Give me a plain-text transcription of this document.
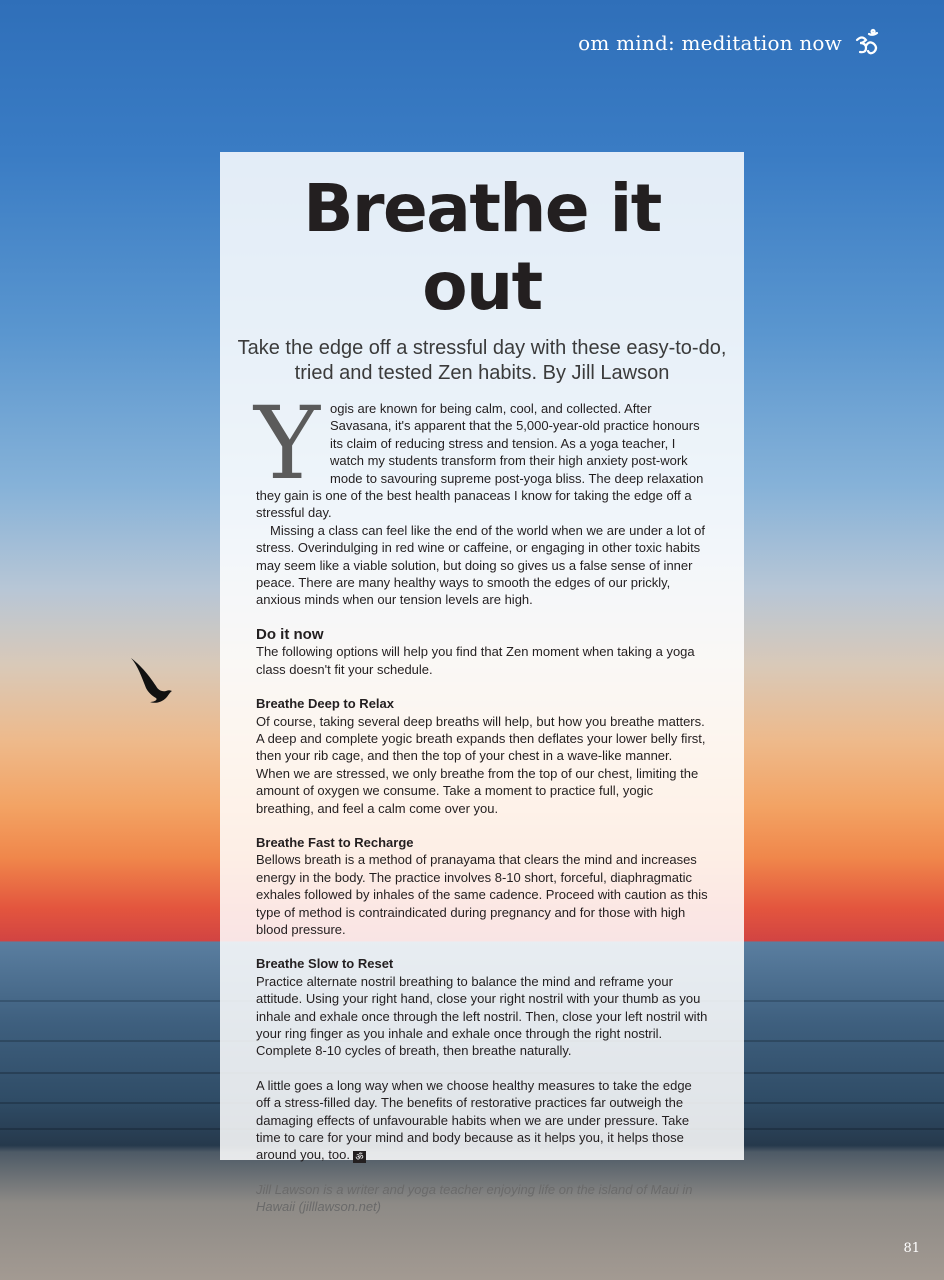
om mind: meditation now
Breathe it out
Take the edge off a stressful day with these easy-to-do, tried and tested Zen habits. By Jill Lawson

Yogis are known for being calm, cool, and collected. After Savasana, it's apparent that the 5,000-year-old practice honours its claim of reducing stress and tension. As a yoga teacher, I watch my students transform from their high anxiety post-work mode to savouring supreme post-yoga bliss. The deep relaxation they gain is one of the best health panaceas I know for taking the edge off a stressful day.

Missing a class can feel like the end of the world when we are under a lot of stress. Overindulging in red wine or caffeine, or engaging in other toxic habits may seem like a viable solution, but doing so gives us a false sense of inner peace. There are many healthy ways to smooth the edges of our prickly, anxious minds when our tension levels are high.

Do it now

The following options will help you find that Zen moment when taking a yoga class doesn't fit your schedule.

Breathe Deep to Relax

Of course, taking several deep breaths will help, but how you breathe matters. A deep and complete yogic breath expands then deflates your lower belly first, then your rib cage, and then the top of your chest in a wave-like manner. When we are stressed, we only breathe from the top of our chest, limiting the amount of oxygen we consume. Take a moment to practice full, yogic breathing, and feel a calm come over you.

Breathe Fast to Recharge

Bellows breath is a method of pranayama that clears the mind and increases energy in the body. The practice involves 8-10 short, forceful, diaphragmatic exhales followed by inhales of the same cadence. Proceed with caution as this type of method is contraindicated during pregnancy and for those with high blood pressure.

Breathe Slow to Reset

Practice alternate nostril breathing to balance the mind and reframe your attitude. Using your right hand, close your right nostril with your thumb as you inhale and exhale once through the left nostril. Then, close your left nostril with your ring finger as you inhale and exhale once through the right nostril. Complete 8-10 cycles of breath, then breathe naturally.

A little goes a long way when we choose healthy measures to take the edge off a stress-filled day. The benefits of restorative practices far outweigh the damaging effects of unfavourable habits when we are under pressure. Take time to care for your mind and body because as it helps you, it helps those around you, too. ॐ

Jill Lawson is a writer and yoga teacher enjoying life on the island of Maui in Hawaii (jilllawson.net)

81
